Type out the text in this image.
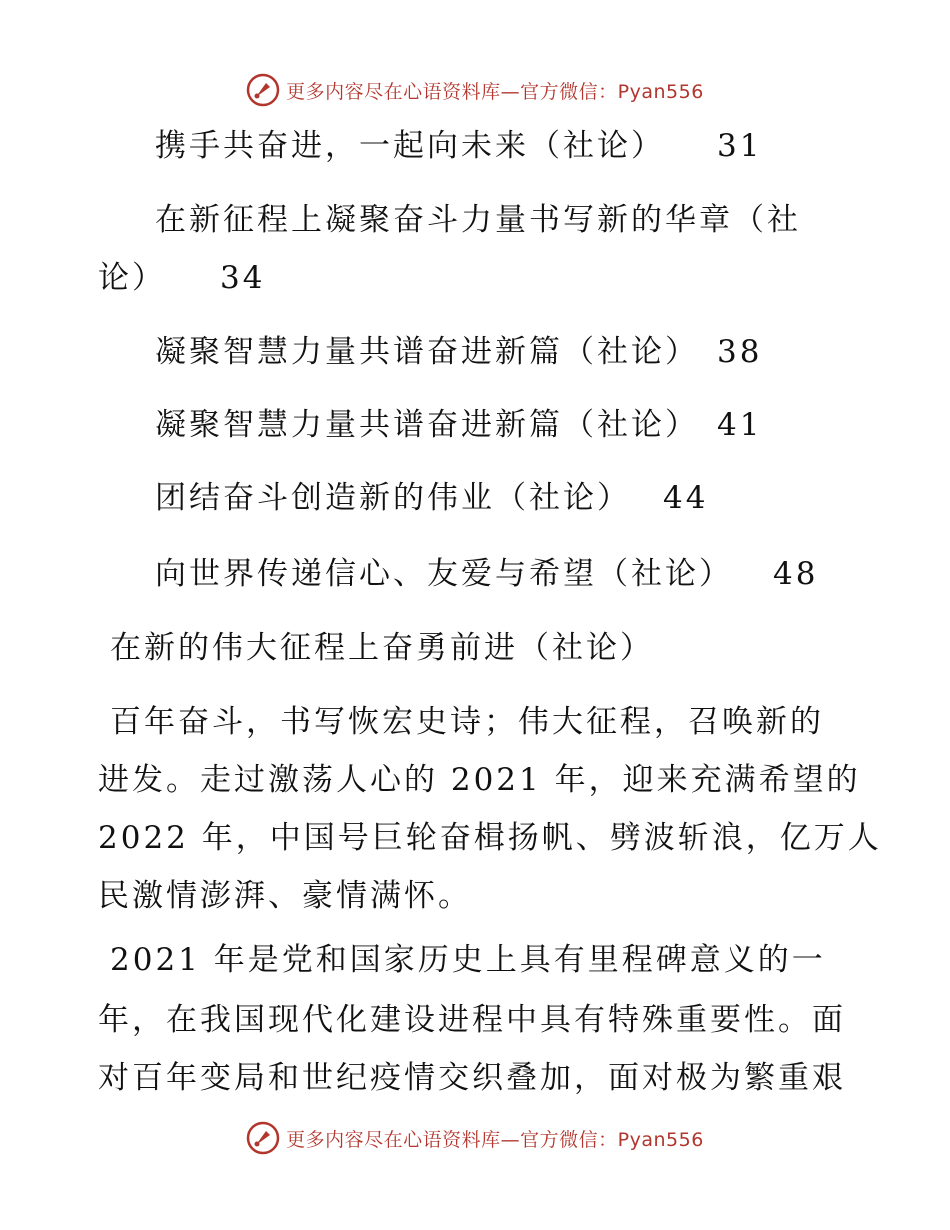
更多内容尽在心语资料库—官方微信：Pyan556
携手共奋进，一起向未来（社论） 31
在新征程上凝聚奋斗力量书写新的华章（社
论） 34
凝聚智慧力量共谱奋进新篇（社论） 38
凝聚智慧力量共谱奋进新篇（社论） 41
团结奋斗创造新的伟业（社论） 44
向世界传递信心、友爱与希望（社论） 48
在新的伟大征程上奋勇前进（社论）
百年奋斗，书写恢宏史诗；伟大征程，召唤新的
进发。走过激荡人心的 2021 年，迎来充满希望的
2022 年，中国号巨轮奋楫扬帆、劈波斩浪，亿万人
民激情澎湃、豪情满怀。
2021 年是党和国家历史上具有里程碑意义的一
年，在我国现代化建设进程中具有特殊重要性。面
对百年变局和世纪疫情交织叠加，面对极为繁重艰
更多内容尽在心语资料库—官方微信：Pyan556
